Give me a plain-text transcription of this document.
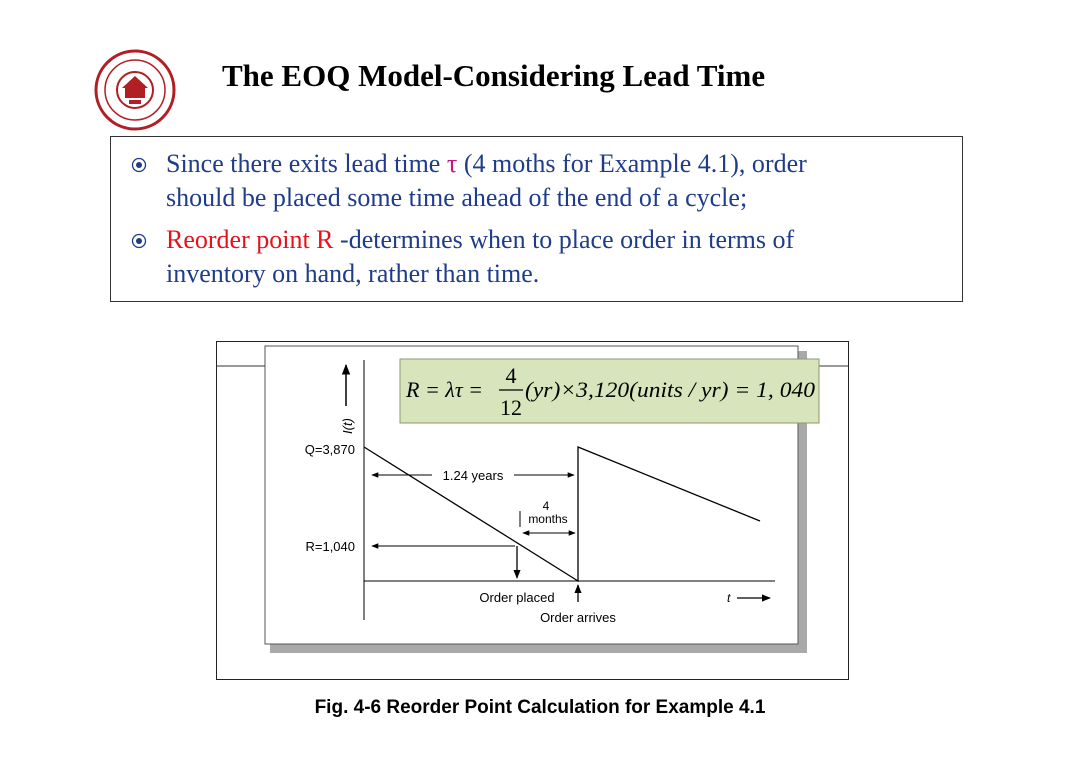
The EOQ Model-Considering Lead Time
Since there exits lead time τ (4 moths for Example 4.1), order
should be placed some time ahead of the end of a cycle;
Reorder point R -determines when to place order in terms of
inventory on hand, rather than time.
I(t)
Q=3,870
R=1,040
1.24 years
4
months
Order placed
Order arrives
t
R = λτ =
4
12
(yr)×3,120(units / yr) = 1, 040
Fig. 4-6 Reorder Point Calculation for Example 4.1
